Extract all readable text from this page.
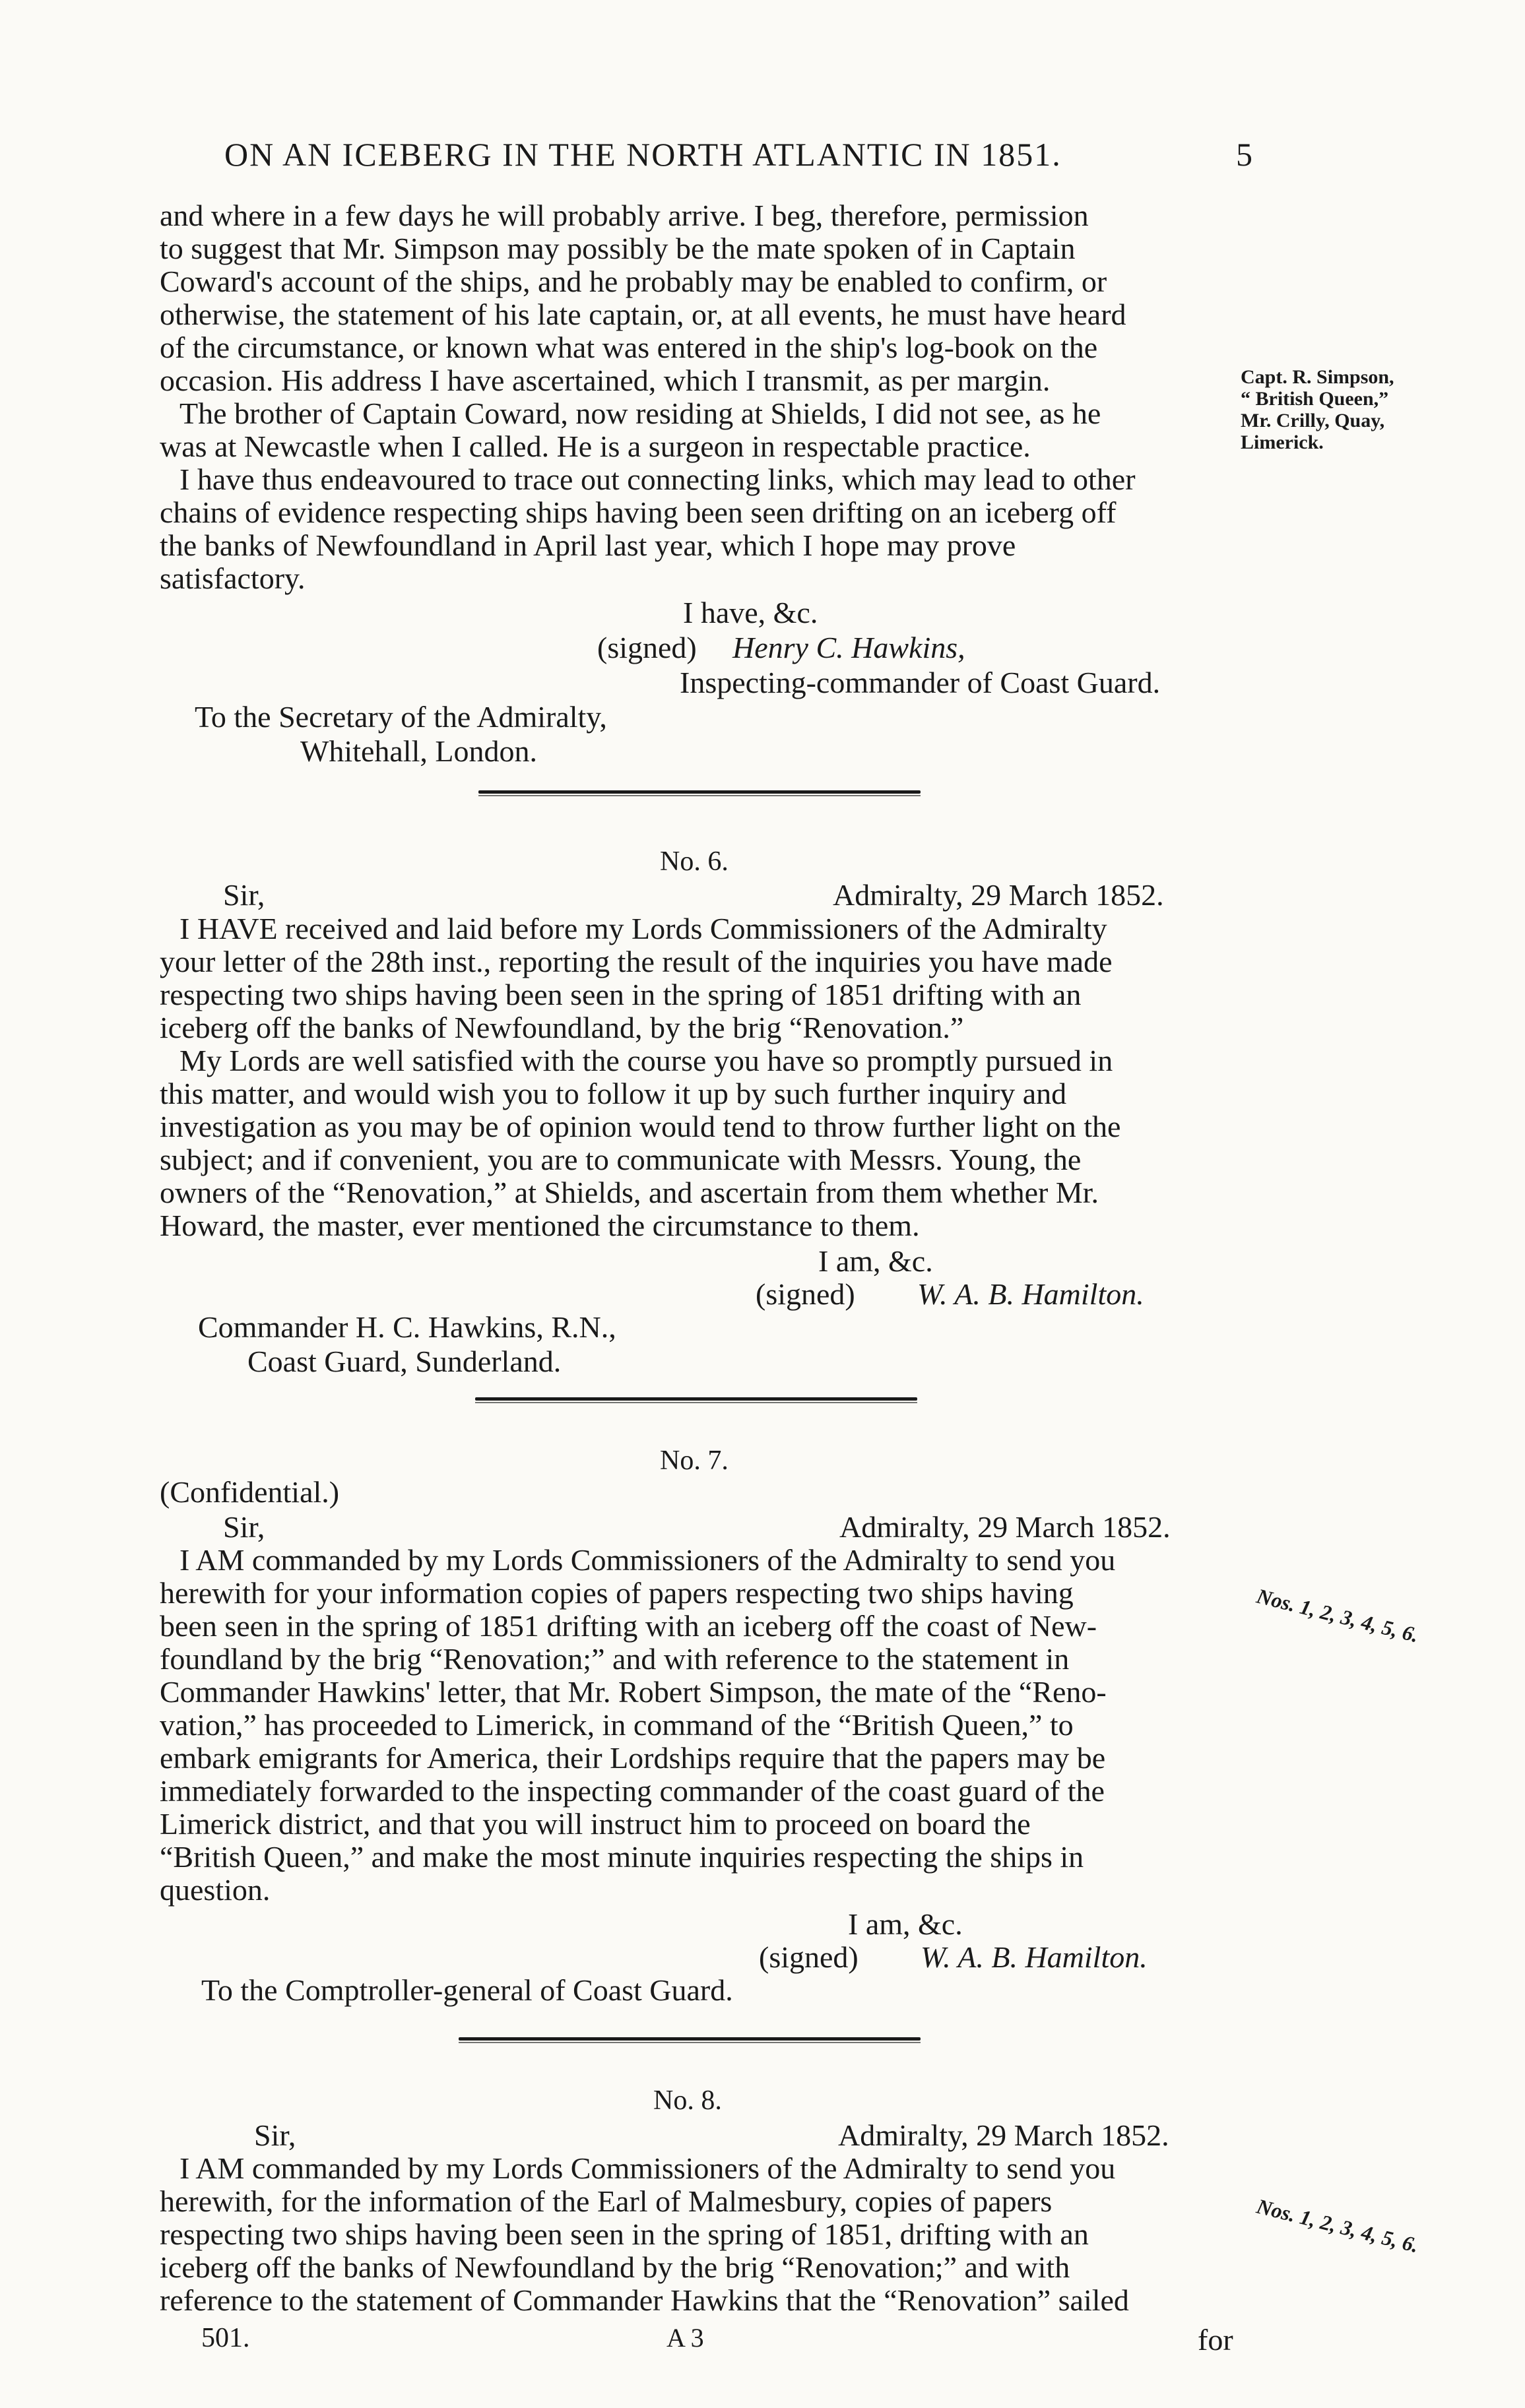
ON AN ICEBERG IN THE NORTH ATLANTIC IN 1851.	5
and where in a few days he will probably arrive. I beg, therefore, permission
to suggest that Mr. Simpson may possibly be the mate spoken of in Captain
Coward's account of the ships, and he probably may be enabled to confirm, or
otherwise, the statement of his late captain, or, at all events, he must have heard
of the circumstance, or known what was entered in the ship's log-book on the
occasion. His address I have ascertained, which I transmit, as per margin.
The brother of Captain Coward, now residing at Shields, I did not see, as he
was at Newcastle when I called. He is a surgeon in respectable practice.
I have thus endeavoured to trace out connecting links, which may lead to other
chains of evidence respecting ships having been seen drifting on an iceberg off
the banks of Newfoundland in April last year, which I hope may prove
satisfactory.
Capt. R. Simpson,
“ British Queen,”
Mr. Crilly, Quay,
Limerick.
I have, &c.
(signed) Henry C. Hawkins,
Inspecting-commander of Coast Guard.
To the Secretary of the Admiralty,
Whitehall, London.
No. 6.
Sir,	Admiralty, 29 March 1852.
I HAVE received and laid before my Lords Commissioners of the Admiralty
your letter of the 28th inst., reporting the result of the inquiries you have made
respecting two ships having been seen in the spring of 1851 drifting with an
iceberg off the banks of Newfoundland, by the brig “Renovation.”
My Lords are well satisfied with the course you have so promptly pursued in
this matter, and would wish you to follow it up by such further inquiry and
investigation as you may be of opinion would tend to throw further light on the
subject; and if convenient, you are to communicate with Messrs. Young, the
owners of the “Renovation,” at Shields, and ascertain from them whether Mr.
Howard, the master, ever mentioned the circumstance to them.
I am, &c.
(signed) W. A. B. Hamilton.
Commander H. C. Hawkins, R.N.,
Coast Guard, Sunderland.
No. 7.
(Confidential.)
Sir,	Admiralty, 29 March 1852.
I AM commanded by my Lords Commissioners of the Admiralty to send you
herewith for your information copies of papers respecting two ships having
been seen in the spring of 1851 drifting with an iceberg off the coast of New-
foundland by the brig “Renovation;” and with reference to the statement in
Commander Hawkins' letter, that Mr. Robert Simpson, the mate of the “Reno-
vation,” has proceeded to Limerick, in command of the “British Queen,” to
embark emigrants for America, their Lordships require that the papers may be
immediately forwarded to the inspecting commander of the coast guard of the
Limerick district, and that you will instruct him to proceed on board the
“British Queen,” and make the most minute inquiries respecting the ships in
question.
Nos. 1, 2, 3, 4, 5, 6.
I am, &c.
(signed) W. A. B. Hamilton.
To the Comptroller-general of Coast Guard.
No. 8.
Sir,	Admiralty, 29 March 1852.
I AM commanded by my Lords Commissioners of the Admiralty to send you
herewith, for the information of the Earl of Malmesbury, copies of papers
respecting two ships having been seen in the spring of 1851, drifting with an
iceberg off the banks of Newfoundland by the brig “Renovation;” and with
reference to the statement of Commander Hawkins that the “Renovation” sailed
Nos. 1, 2, 3, 4, 5, 6.
501.	A 3	for
